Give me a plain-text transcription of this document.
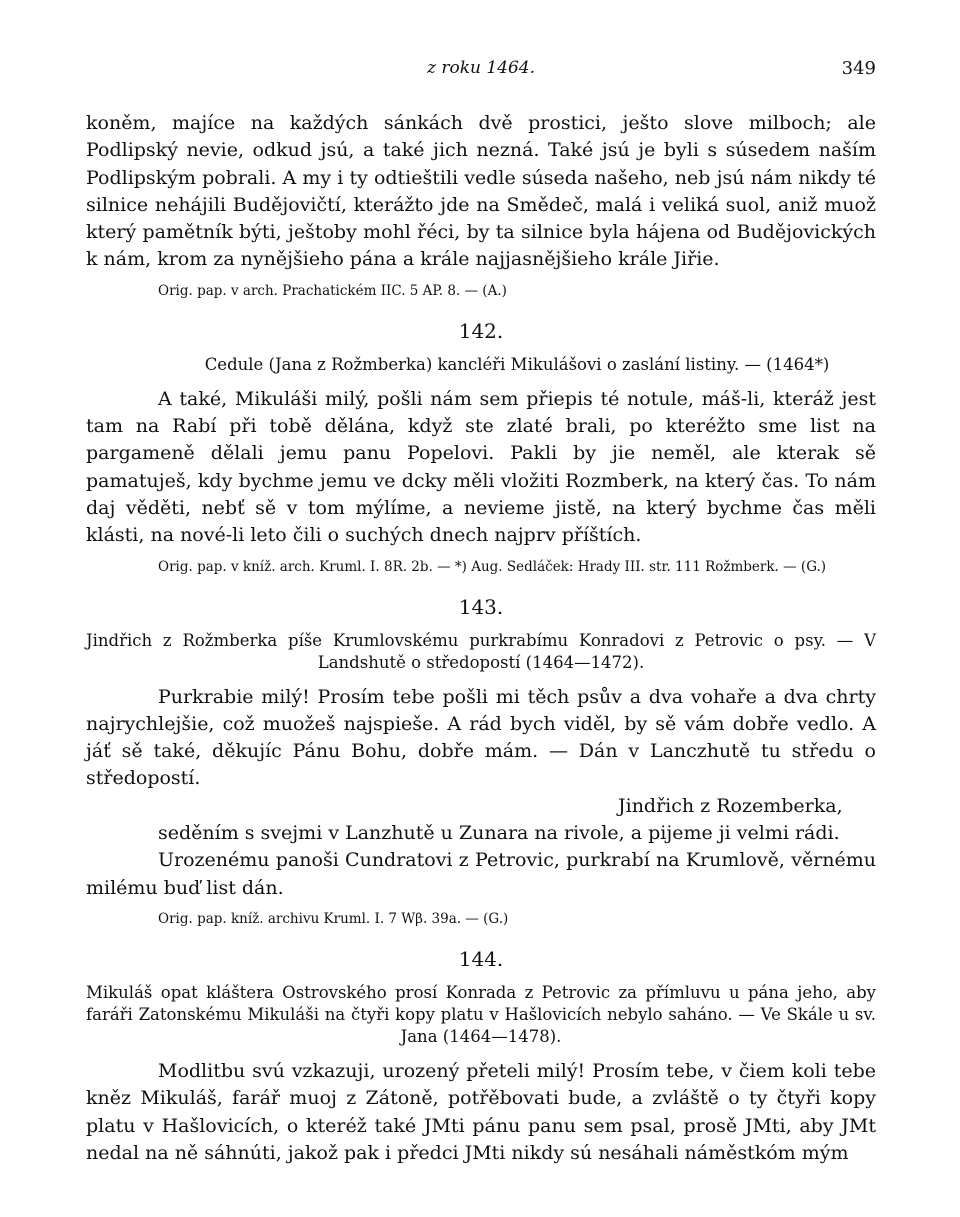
z roku 1464.	349

koněm, majíce na každých sánkách dvě prostici, ješto slove milboch; ale Podlipský nevie, odkud jsú, a také jich nezná. Také jsú je byli s súsedem naším Podlipským pobrali. A my i ty odtieštili vedle súseda našeho, neb jsú nám nikdy té silnice nehájili Budějovičtí, kterážto jde na Smědeč, malá i veliká suol, aniž muož který pamětník býti, ještoby mohl řéci, by ta silnice byla hájena od Budějovických k nám, krom za nynějšieho pána a krále najjasnějšieho krále Jiřie.

Orig. pap. v arch. Prachatickém IIC. 5 AP. 8. — (A.)

142.

Cedule (Jana z Rožmberka) kancléři Mikulášovi o zaslání listiny. — (1464*)

A také, Mikuláši milý, pošli nám sem přiepis té notule, máš-li, kteráž jest tam na Rabí při tobě dělána, když ste zlaté brali, po kteréžto sme list na pargameně dělali jemu panu Popelovi. Pakli by jie neměl, ale kterak sě pamatuješ, kdy bychme jemu ve dcky měli vložiti Rozmberk, na který čas. To nám daj věděti, nebť sě v tom mýlíme, a nevieme jistě, na který bychme čas měli klásti, na nové-li leto čili o suchých dnech najprv příštích.

Orig. pap. v kníž. arch. Kruml. I. 8R. 2b. — *) Aug. Sedláček: Hrady III. str. 111 Rožmberk. — (G.)

143.

Jindřich z Rožmberka píše Krumlovskému purkrabímu Konradovi z Petrovic o psy. — V Landshutě o středopostí (1464—1472).

Purkrabie milý! Prosím tebe pošli mi těch psův a dva vohaře a dva chrty najrychlejšie, což muožeš najspieše. A rád bych viděl, by sě vám dobře vedlo. A jáť sě také, děkujíc Pánu Bohu, dobře mám. — Dán v Lanczhutě tu středu o středopostí.

Jindřich z Rozemberka,

seděním s svejmi v Lanzhutě u Zunara na rivole, a pijeme ji velmi rádi.

Urozenému panoši Cundratovi z Petrovic, purkrabí na Krumlově, věrnému milému buď list dán.

Orig. pap. kníž. archivu Kruml. I. 7 Wβ. 39a. — (G.)

144.

Mikuláš opat kláštera Ostrovského prosí Konrada z Petrovic za přímluvu u pána jeho, aby faráři Zatonskému Mikuláši na čtyři kopy platu v Hašlovicích nebylo saháno. — Ve Skále u sv. Jana (1464—1478).

Modlitbu svú vzkazuji, urozený přeteli milý! Prosím tebe, v čiem koli tebe kněz Mikuláš, farář muoj z Zátoně, potřěbovati bude, a zvláště o ty čtyři kopy platu v Hašlovicích, o kteréž také JMti pánu panu sem psal, prosě JMti, aby JMt nedal na ně sáhnúti, jakož pak i předci JMti nikdy sú nesáhali náměstkóm mým
